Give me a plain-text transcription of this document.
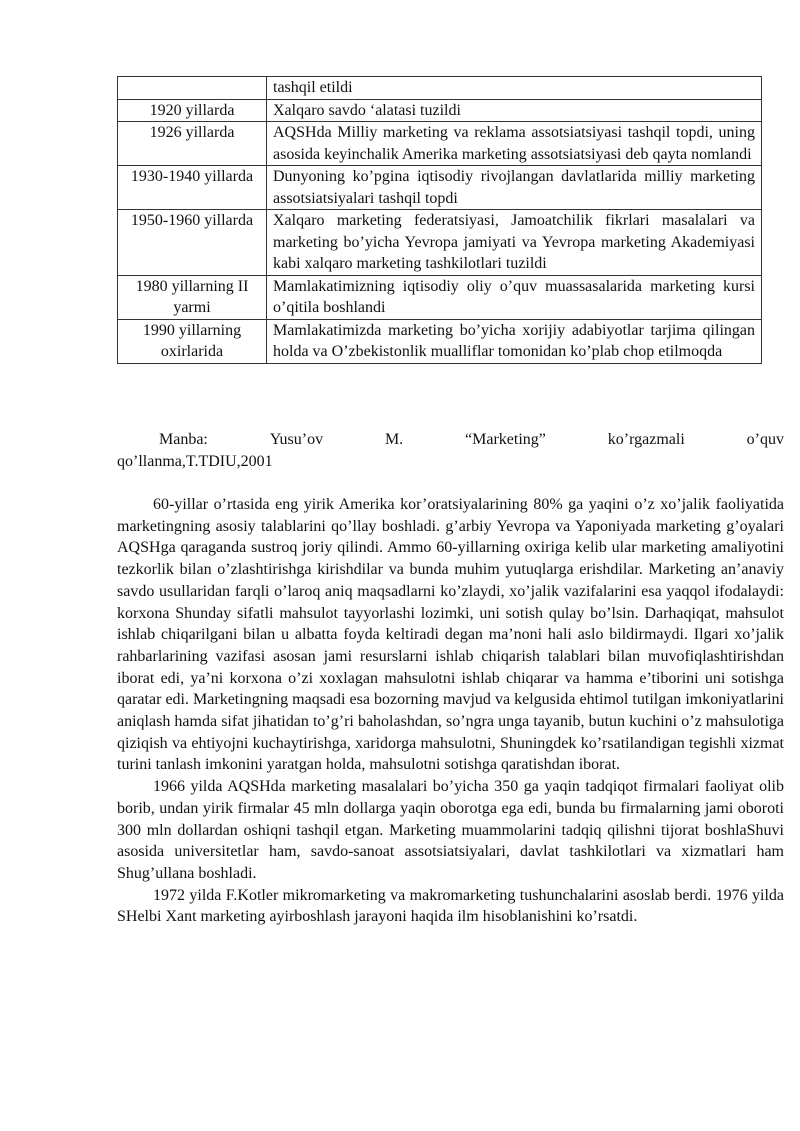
	tashqil etildi
1920 yillarda	Xalqaro savdo ‘alatasi tuzildi
1926 yillarda	AQSHda Milliy marketing va reklama assotsiatsiyasi tashqil topdi, uning asosida keyinchalik Amerika marketing assotsiatsiyasi deb qayta nomlandi
1930-1940 yillarda	Dunyoning ko’pgina iqtisodiy rivojlangan davlatlarida milliy marketing assotsiatsiyalari tashqil topdi
1950-1960 yillarda	Xalqaro marketing federatsiyasi, Jamoatchilik fikrlari masalalari va marketing bo’yicha Yevropa jamiyati va Yevropa marketing Akademiyasi kabi xalqaro marketing tashkilotlari tuzildi
1980 yillarning II yarmi	Mamlakatimizning iqtisodiy oliy o’quv muassasalarida marketing kursi o’qitila boshlandi
1990 yillarning oxirlarida	Mamlakatimizda marketing bo’yicha xorijiy adabiyotlar tarjima qilingan holda va O’zbekistonlik mualliflar tomonidan ko’plab chop etilmoqda
Manba:	Yusu’ov	M.	“Marketing”	ko’rgazmali	o’quv
qo’llanma,T.TDIU,2001

60-yillar o’rtasida eng yirik Amerika kor’oratsiyalarining 80% ga yaqini o’z xo’jalik faoliyatida marketingning asosiy talablarini qo’llay boshladi. g’arbiy Yevropa va Yaponiyada marketing g’oyalari AQSHga qaraganda sustroq joriy qilindi. Ammo 60-yillarning oxiriga kelib ular marketing amaliyotini tezkorlik bilan o’zlashtirishga kirishdilar va bunda muhim yutuqlarga erishdilar. Marketing an’anaviy savdo usullaridan farqli o’laroq aniq maqsadlarni ko’zlaydi, xo’jalik vazifalarini esa yaqqol ifodalaydi: korxona Shunday sifatli mahsulot tayyorlashi lozimki, uni sotish qulay bo’lsin. Darhaqiqat, mahsulot ishlab chiqarilgani bilan u albatta foyda keltiradi degan ma’noni hali aslo bildirmaydi. Ilgari xo’jalik rahbarlarining vazifasi asosan jami resurslarni ishlab chiqarish talablari bilan muvofiqlashtirishdan iborat edi, ya’ni korxona o’zi xoxlagan mahsulotni ishlab chiqarar va hamma e’tiborini uni sotishga qaratar edi. Marketingning maqsadi esa bozorning mavjud va kelgusida ehtimol tutilgan imkoniyatlarini aniqlash hamda sifat jihatidan to’g’ri baholashdan, so’ngra unga tayanib, butun kuchini o’z mahsulotiga qiziqish va ehtiyojni kuchaytirishga, xaridorga mahsulotni, Shuningdek ko’rsatilandigan tegishli xizmat turini tanlash imkonini yaratgan holda, mahsulotni sotishga qaratishdan iborat.

1966 yilda AQSHda marketing masalalari bo’yicha 350 ga yaqin tadqiqot firmalari faoliyat olib borib, undan yirik firmalar 45 mln dollarga yaqin oborotga ega edi, bunda bu firmalarning jami oboroti 300 mln dollardan oshiqni tashqil etgan. Marketing muammolarini tadqiq qilishni tijorat boshlaShuvi asosida universitetlar ham, savdo-sanoat assotsiatsiyalari, davlat tashkilotlari va xizmatlari ham Shug’ullana boshladi.

1972 yilda F.Kotler mikromarketing va makromarketing tushunchalarini asoslab berdi. 1976 yilda SHelbi Xant marketing ayirboshlash jarayoni haqida ilm hisoblanishini ko’rsatdi.
